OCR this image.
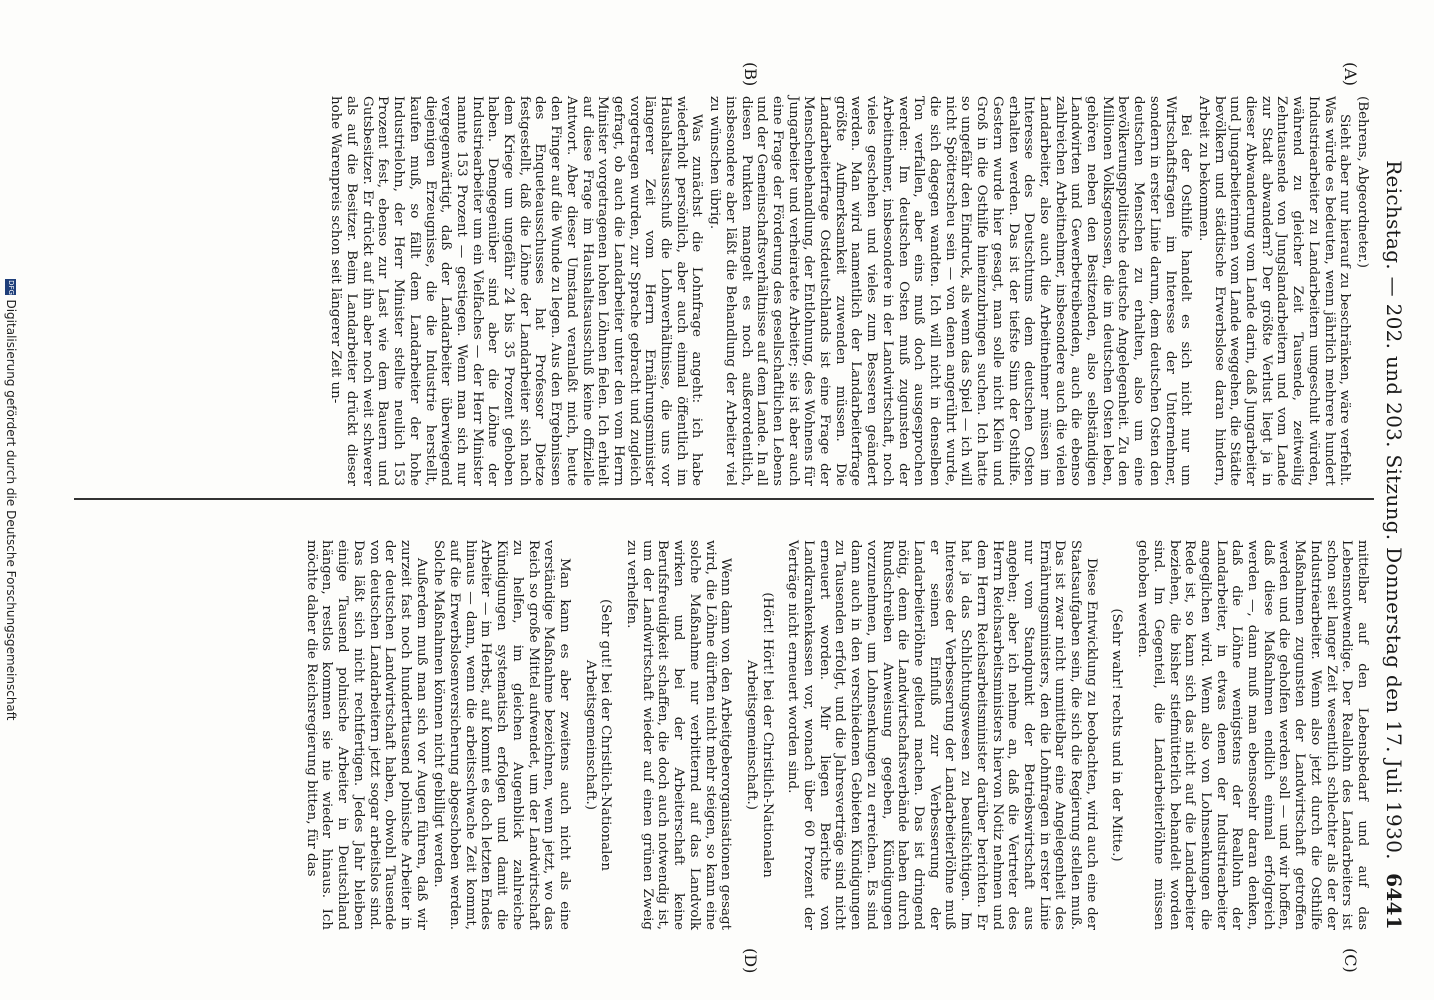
Reichstag. — 202. und 203. Sitzung. Donnerstag den 17. Juli 1930.
6441
(A)
(B)
(C)
(D)

(Behrens, Abgeordneter.)

Sieht aber nur hierauf zu beschränken, wäre verfehlt. Was würde es bedeuten, wenn jährlich mehrere hundert Industriearbeiter zu Landarbeitern umgeschult würden, während zu gleicher Zeit Tausende, zeitweilig Zehntausende von Jungslandarbeitern und vom Lande zur Stadt abwandern? Der größte Verlust liegt ja in dieser Abwanderung vom Lande darin, daß Jungarbeiter und Jungarbeiterinnen vom Lande weggehen, die Städte bevölkern und städtische Erwerbslose daran hindern, Arbeit zu bekommen.

Bei der Osthilfe handelt es sich nicht nur um Wirtschaftsfragen im Interesse der Unternehmer, sondern in erster Linie darum, dem deutschen Osten den deutschen Menschen zu erhalten, also um eine bevölkerungspolitische deutsche Angelegenheit. Zu den Millionen Volksgenossen, die im deutschen Osten leben, gehören neben den Besitzenden, also selbständigen Landwirten und Gewerbetreibenden, auch die ebenso zahlreichen Arbeitnehmer, insbesondere auch die vielen Landarbeiter, also auch die Arbeitnehmer müssen im Interesse des Deutschtums dem deutschen Osten erhalten werden. Das ist der tiefste Sinn der Osthilfe. Gestern wurde hier gesagt, man solle nicht Klein und Groß in die Osthilfe hineinzubringen suchen. Ich hatte so ungefähr den Eindruck, als wenn das Spiel — ich will nicht Spötterscheu sein — von denen angerührt wurde, die sich dagegen wandten. Ich will nicht in denselben Ton verfallen, aber eins muß doch ausgesprochen werden: Im deutschen Osten muß zugunsten der Arbeitnehmer, insbesondere in der Landwirtschaft, noch vieles geschehen und vieles zum Besseren geändert werden. Man wird namentlich der Landarbeiterfrage größte Aufmerksamkeit zuwenden müssen. Die Landarbeiterfrage Ostdeutschlands ist eine Frage der Menschenbehandlung, der Entlohnung, des Wohnens für Jungarbeiter und verheiratete Arbeiter; sie ist aber auch eine Frage der Förderung des gesellschaftlichen Lebens und der Gemeinschaftsverhältnisse auf dem Lande. In all diesen Punkten mangelt es noch außerordentlich, insbesondere aber läßt die Behandlung der Arbeiter viel zu wünschen übrig.

Was zunächst die Lohnfrage angeht: ich habe wiederholt persönlich, aber auch einmal öffentlich im Haushaltsausschuß die Lohnverhältnisse, die uns vor längerer Zeit vom Herrn Ernährungsminister vorgetragen wurden, zur Sprache gebracht und zugleich gefragt, ob auch die Landarbeiter unter den vom Herrn Minister vorgetragenen hohen Löhnen fielen. Ich erhielt auf diese Frage im Haushaltsausschuß keine offizielle Antwort. Aber dieser Umstand veranlaßt mich, heute den Finger auf die Wunde zu legen. Aus den Ergebnissen des Enqueteausschusses hat Professor Dietze festgestellt, daß die Löhne der Landarbeiter sich nach dem Kriege um ungefähr 24 bis 35 Prozent gehoben haben. Demgegenüber sind aber die Löhne der Industriearbeiter um ein Vielfaches — der Herr Minister nannte 153 Prozent — gestiegen. Wenn man sich nur vergegenwärtigt, daß der Landarbeiter überwiegend diejenigen Erzeugnisse, die die Industrie herstellt, kaufen muß, so fällt dem Landarbeiter der hohe Industrielohn, der Herr Minister stellte neulich 153 Prozent fest, ebenso zur Last wie dem Bauern und Gutsbesitzer. Er drückt auf ihn aber noch weit schwerer als auf die Besitzer. Beim Landarbeiter drückt dieser hohe Warenpreis schon seit längerer Zeit un-

mittelbar auf den Lebensbedarf und auf das Lebensnotwendige. Der Reallohn des Landarbeiters ist schon seit langer Zeit wesentlich schlechter als der der Industriearbeiter. Wenn also jetzt durch die Osthilfe Maßnahmen zugunsten der Landwirtschaft getroffen werden und die geholfen werden soll — und wir hoffen, daß diese Maßnahmen endlich einmal erfolgreich werden —, dann muß man ebensosehr daran denken, daß die Löhne wenigstens der Reallohn der Landarbeiter, in etwas denen der Industriearbeiter angeglichen wird. Wenn also von Lohnsenkungen die Rede ist, so kann sich das nicht auf die Landarbeiter beziehen, die bisher stiefmütterlich behandelt worden sind. Im Gegenteil, die Landarbeiterlöhne müssen gehoben werden.

(Sehr wahr! rechts und in der Mitte.)

Diese Entwicklung zu beobachten, wird auch eine der Staatsaufgaben sein, die sich die Regierung stellen muß. Das ist zwar nicht unmittelbar eine Angelegenheit des Ernährungsministers, den die Lohnfragen in erster Linie nur vom Standpunkt der Betriebswirtschaft aus angehen; aber ich nehme an, daß die Vertreter des Herrn Reichsarbeitsministers hiervon Notiz nehmen und dem Herrn Reichsarbeitsminister darüber berichten. Er hat ja das Schlichtungswesen zu beaufsichtigen. Im Interesse der Verbesserung der Landarbeiterlöhne muß er seinen Einfluß zur Verbesserung der Landarbeiterlöhne geltend machen. Das ist dringend nötig, denn die Landwirtschaftsverbände haben durch Rundschreiben Anweisung gegeben, Kündigungen vorzunehmen, um Lohnsenkungen zu erreichen. Es sind dann auch in den verschiedenen Gebieten Kündigungen zu Tausenden erfolgt, und die Jahresverträge sind nicht erneuert worden. Mir liegen Berichte von Landkrankenkassen vor, wonach über 60 Prozent der Verträge nicht erneuert worden sind.

(Hört! Hört! bei der Christlich-Nationalen Arbeitsgemeinschaft.)

Wenn dann von den Arbeitgeberorganisationen gesagt wird, die Löhne dürften nicht mehr steigen, so kann eine solche Maßnahme nur verbitternd auf das Landvolk wirken und bei der Arbeiterschaft keine Berufsfreudigkeit schaffen, die doch auch notwendig ist, um der Landwirtschaft wieder auf einen grünen Zweig zu verhelfen.

(Sehr gut! bei der Christlich-Nationalen Arbeitsgemeinschaft.)

Man kann es aber zweitens auch nicht als eine verständige Maßnahme bezeichnen, wenn jetzt, wo das Reich so große Mittel aufwendet, um der Landwirtschaft zu helfen, im gleichen Augenblick zahlreiche Kündigungen systematisch erfolgen und damit die Arbeiter — im Herbst, auf kommt es doch letzten Endes hinaus — dann, wenn die arbeitsschwache Zeit kommt, auf die Erwerbslosenversicherung abgeschoben werden. Solche Maßnahmen können nicht gebilligt werden.

Außerdem muß man sich vor Augen führen, daß wir zurzeit fast noch hunderttausend polnische Arbeiter in der deutschen Landwirtschaft haben, obwohl Tausende von deutschen Landarbeitern jetzt sogar arbeitslos sind. Das läßt sich nicht rechtfertigen. Jedes Jahr bleiben einige Tausend polnische Arbeiter in Deutschland hängen, restlos kommen sie nie wieder hinaus. Ich möchte daher die Reichsregierung bitten, für das

DFG
Digitalisierung gefördert durch die Deutsche Forschungsgemeinschaft
